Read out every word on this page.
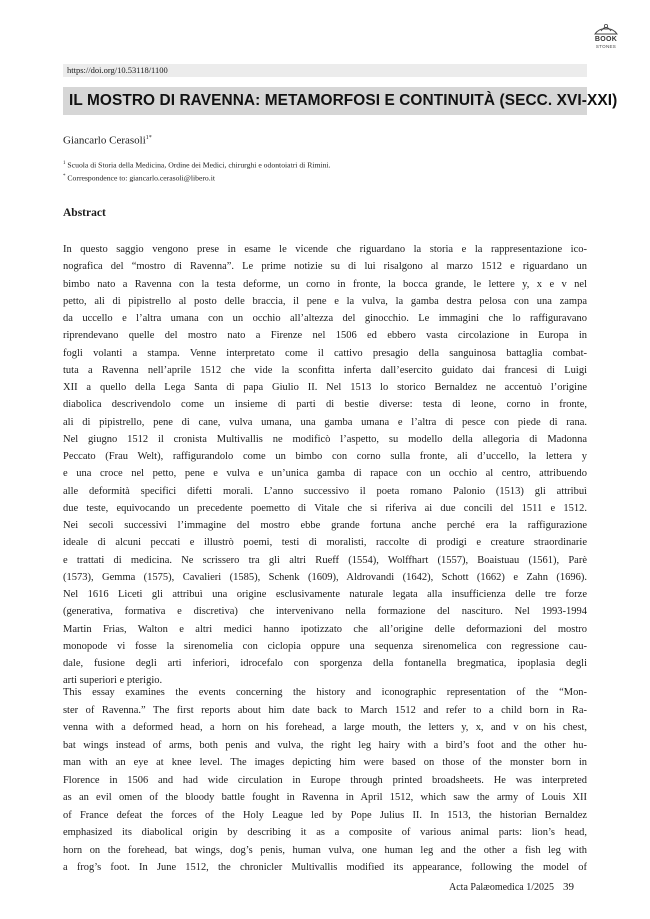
BOOK
STONES
https://doi.org/10.53118/1100
IL MOSTRO DI RAVENNA: METAMORFOSI E CONTINUITÀ (SECC. XVI-XXI)
Giancarlo Cerasoli$^{1*}$
$^1$ Scuola di Storia della Medicina, Ordine dei Medici, chirurghi e odontoiatri di Rimini.
* Correspondence to: giancarlo.cerasoli@libero.it
Abstract
In questo saggio vengono prese in esame le vicende che riguardano la storia e la rappresentazione ico-
nografica del “mostro di Ravenna”. Le prime notizie su di lui risalgono al marzo 1512 e riguardano un
bimbo nato a Ravenna con la testa deforme, un corno in fronte, la bocca grande, le lettere y, x e v nel
petto, ali di pipistrello al posto delle braccia, il pene e la vulva, la gamba destra pelosa con una zampa
da uccello e l’altra umana con un occhio all’altezza del ginocchio. Le immagini che lo raffiguravano
riprendevano quelle del mostro nato a Firenze nel 1506 ed ebbero vasta circolazione in Europa in
fogli volanti a stampa. Venne interpretato come il cattivo presagio della sanguinosa battaglia combat-
tuta a Ravenna nell’aprile 1512 che vide la sconfitta inferta dall’esercito guidato dai francesi di Luigi
XII a quello della Lega Santa di papa Giulio II. Nel 1513 lo storico Bernaldez ne accentuò l’origine
diabolica descrivendolo come un insieme di parti di bestie diverse: testa di leone, corno in fronte,
ali di pipistrello, pene di cane, vulva umana, una gamba umana e l’altra di pesce con piede di rana.
Nel giugno 1512 il cronista Multivallis ne modificò l’aspetto, su modello della allegoria di Madonna
Peccato (Frau Welt), raffigurandolo come un bimbo con corno sulla fronte, ali d’uccello, la lettera y
e una croce nel petto, pene e vulva e un’unica gamba di rapace con un occhio al centro, attribuendo
alle deformità specifici difetti morali. L’anno successivo il poeta romano Palonio (1513) gli attribuì
due teste, equivocando un precedente poemetto di Vitale che si riferiva ai due concili del 1511 e 1512.
Nei secoli successivi l’immagine del mostro ebbe grande fortuna anche perché era la raffigurazione
ideale di alcuni peccati e illustrò poemi, testi di moralisti, raccolte di prodigi e creature straordinarie
e trattati di medicina. Ne scrissero tra gli altri Rueff (1554), Wolffhart (1557), Boaistuau (1561), Parè
(1573), Gemma (1575), Cavalieri (1585), Schenk (1609), Aldrovandi (1642), Schott (1662) e Zahn (1696).
Nel 1616 Liceti gli attribuì una origine esclusivamente naturale legata alla insufficienza delle tre forze
(generativa, formativa e discretiva) che intervenivano nella formazione del nascituro. Nel 1993-1994
Martin Frias, Walton e altri medici hanno ipotizzato che all’origine delle deformazioni del mostro
monopode vi fosse la sirenomelia con ciclopia oppure una sequenza sirenomelica con regressione cau-
dale, fusione degli arti inferiori, idrocefalo con sporgenza della fontanella bregmatica, ipoplasia degli
arti superiori e pterigio.
This essay examines the events concerning the history and iconographic representation of the “Mon-
ster of Ravenna.” The first reports about him date back to March 1512 and refer to a child born in Ra-
venna with a deformed head, a horn on his forehead, a large mouth, the letters y, x, and v on his chest,
bat wings instead of arms, both penis and vulva, the right leg hairy with a bird’s foot and the other hu-
man with an eye at knee level. The images depicting him were based on those of the monster born in
Florence in 1506 and had wide circulation in Europe through printed broadsheets. He was interpreted
as an evil omen of the bloody battle fought in Ravenna in April 1512, which saw the army of Louis XII
of France defeat the forces of the Holy League led by Pope Julius II. In 1513, the historian Bernaldez
emphasized its diabolical origin by describing it as a composite of various animal parts: lion’s head,
horn on the forehead, bat wings, dog’s penis, human vulva, one human leg and the other a fish leg with
a frog’s foot. In June 1512, the chronicler Multivallis modified its appearance, following the model of
Acta Palæomedica 1/2025 39
